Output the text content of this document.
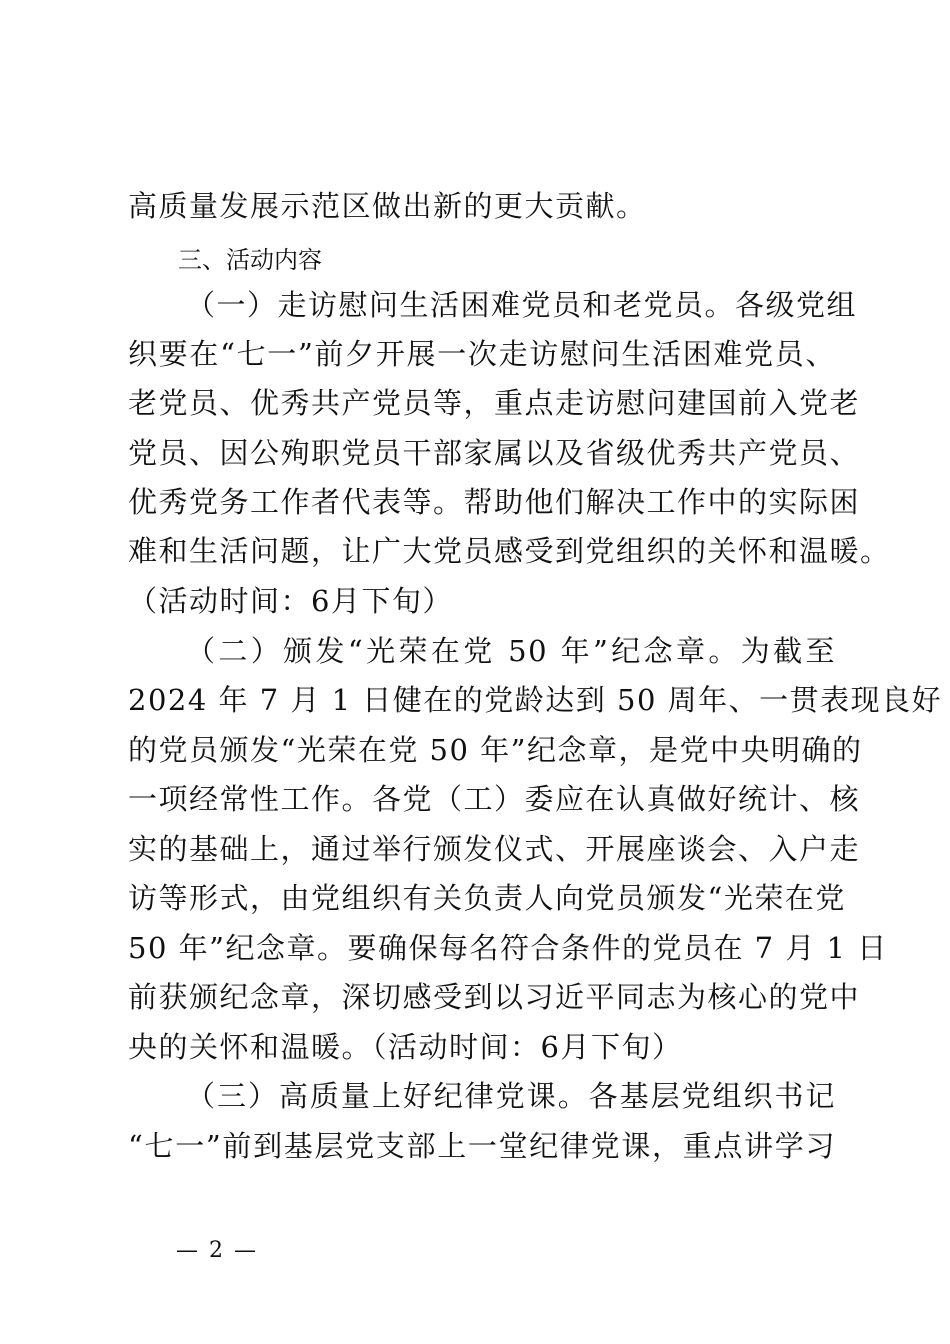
高质量发展示范区做出新的更大贡献。
三、活动内容
（一）走访慰问生活困难党员和老党员。各级党组
织要在“七一”前夕开展一次走访慰问生活困难党员、
老党员、优秀共产党员等，重点走访慰问建国前入党老
党员、因公殉职党员干部家属以及省级优秀共产党员、
优秀党务工作者代表等。帮助他们解决工作中的实际困
难和生活问题，让广大党员感受到党组织的关怀和温暖。
（活动时间：6月下旬）
（二）颁发“光荣在党 50 年”纪念章。为截至
2024 年 7 月 1 日健在的党龄达到 50 周年、一贯表现良好
的党员颁发“光荣在党 50 年”纪念章，是党中央明确的
一项经常性工作。各党（工）委应在认真做好统计、核
实的基础上，通过举行颁发仪式、开展座谈会、入户走
访等形式，由党组织有关负责人向党员颁发“光荣在党
50 年”纪念章。要确保每名符合条件的党员在 7 月 1 日
前获颁纪念章，深切感受到以习近平同志为核心的党中
央的关怀和温暖。（活动时间：6月下旬）
（三）高质量上好纪律党课。各基层党组织书记
“七一”前到基层党支部上一堂纪律党课，重点讲学习
— 2 —
